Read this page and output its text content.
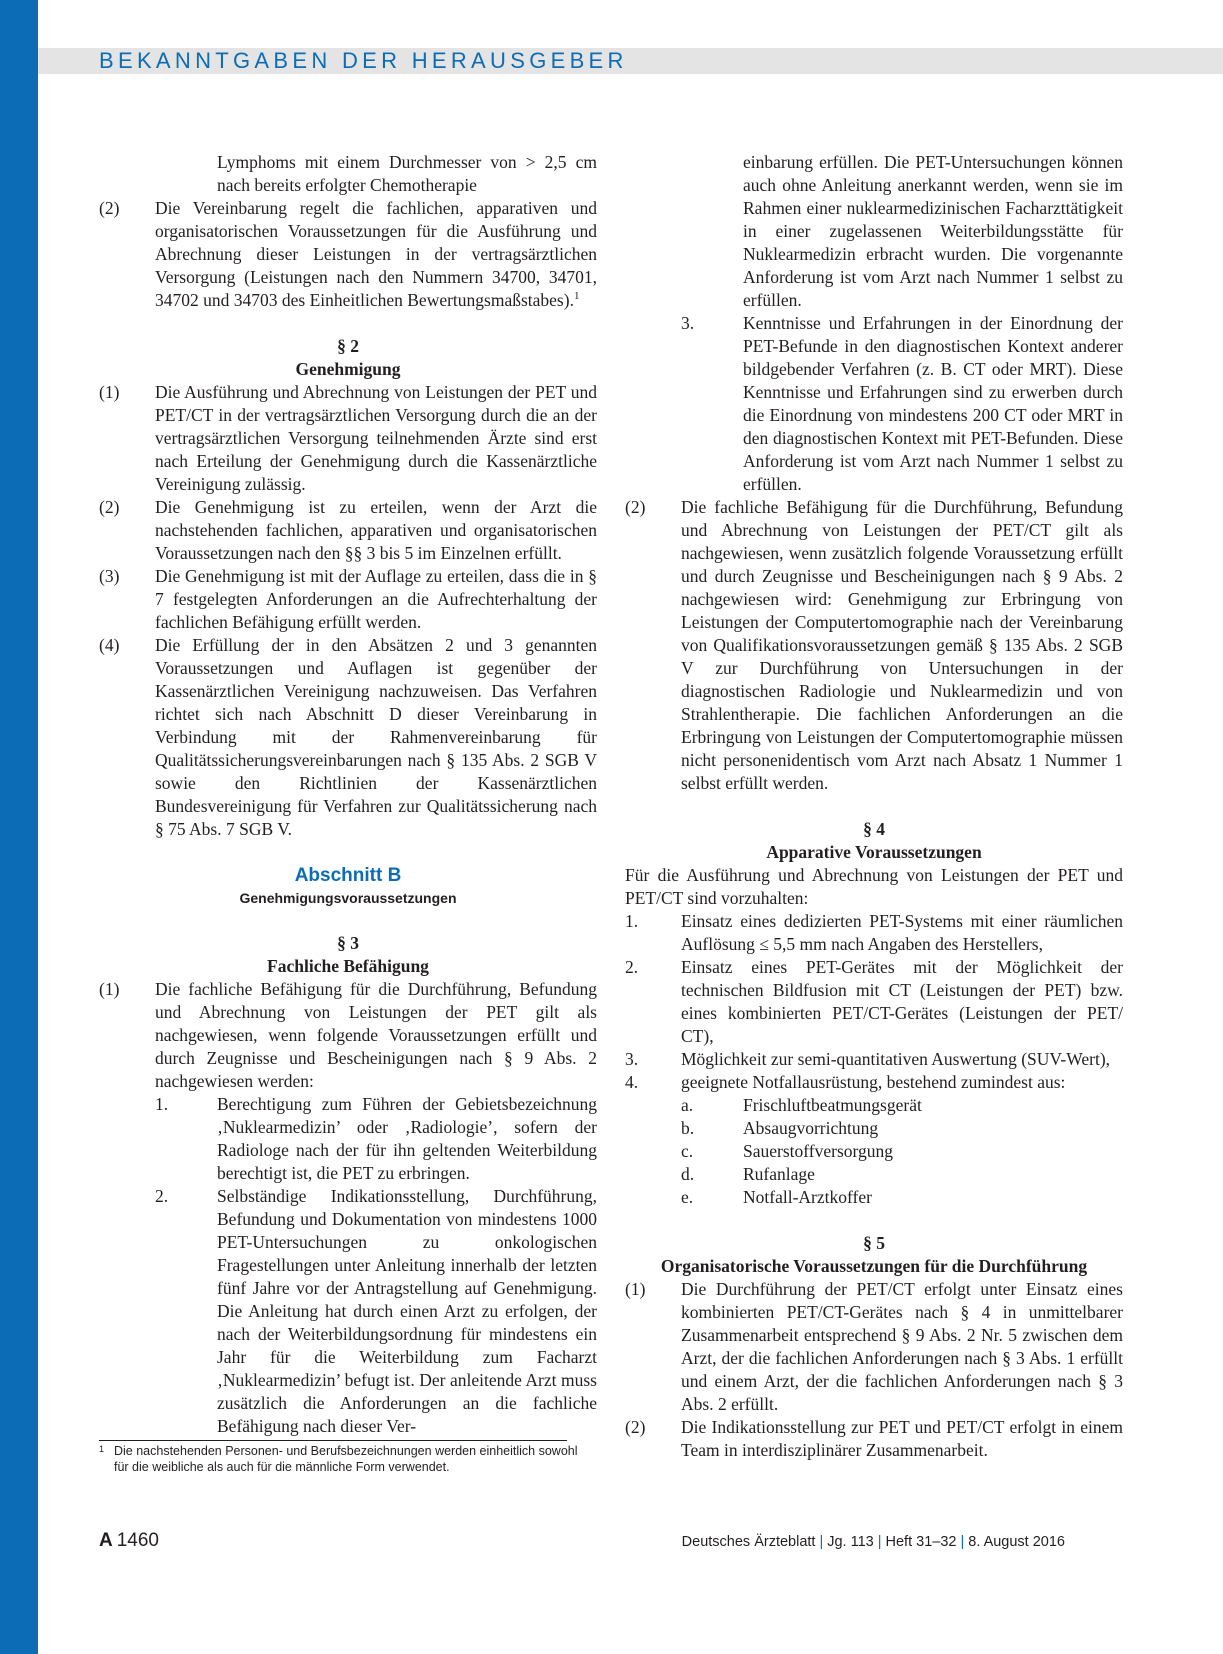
BEKANNTGABEN DER HERAUSGEBER
Lymphoms mit einem Durchmesser von > 2,5 cm nach bereits erfolgter Chemotherapie
(2)	Die Vereinbarung regelt die fachlichen, apparativen und organisatorischen Voraussetzungen für die Ausführung und Abrechnung dieser Leistungen in der vertragsärztlichen Versorgung (Leistungen nach den Nummern 34700, 34701, 34702 und 34703 des Einheitlichen Bewertungsmaßstabes).$^1$
§ 2
Genehmigung
(1)	Die Ausführung und Abrechnung von Leistungen der PET und PET/CT in der vertragsärztlichen Versorgung durch die an der vertragsärztlichen Versorgung teilnehmenden Ärzte sind erst nach Erteilung der Genehmigung durch die Kassenärztliche Vereinigung zulässig.
(2)	Die Genehmigung ist zu erteilen, wenn der Arzt die nachstehenden fachlichen, apparativen und organisatorischen Voraussetzungen nach den §§ 3 bis 5 im Einzelnen erfüllt.
(3)	Die Genehmigung ist mit der Auflage zu erteilen, dass die in § 7 festgelegten Anforderungen an die Aufrechterhaltung der fachlichen Befähigung erfüllt werden.
(4)	Die Erfüllung der in den Absätzen 2 und 3 genannten Voraussetzungen und Auflagen ist gegenüber der Kassenärztlichen Vereinigung nachzuweisen. Das Verfahren richtet sich nach Abschnitt D dieser Vereinbarung in Verbindung mit der Rahmenvereinbarung für Qualitätssicherungsvereinbarungen nach § 135 Abs. 2 SGB V sowie den Richtlinien der Kassenärztlichen Bundesvereinigung für Verfahren zur Qualitätssicherung nach § 75 Abs. 7 SGB V.
Abschnitt B
Genehmigungsvoraussetzungen
§ 3
Fachliche Befähigung
(1)	Die fachliche Befähigung für die Durchführung, Befundung und Abrechnung von Leistungen der PET gilt als nachgewiesen, wenn folgende Voraussetzungen erfüllt und durch Zeugnisse und Bescheinigungen nach § 9 Abs. 2 nachgewiesen werden:
1.	Berechtigung zum Führen der Gebietsbezeichnung ‚Nuklearmedizin’ oder ‚Radiologie’, sofern der Radiologe nach der für ihn geltenden Weiterbildung berechtigt ist, die PET zu erbringen.
2.	Selbständige Indikationsstellung, Durchführung, Befundung und Dokumentation von mindestens 1000 PET-Untersuchungen zu onkologischen Fragestellungen unter Anleitung innerhalb der letzten fünf Jahre vor der Antragstellung auf Genehmigung. Die Anleitung hat durch einen Arzt zu erfolgen, der nach der Weiterbildungsordnung für mindestens ein Jahr für die Weiterbildung zum Facharzt ‚Nuklearmedizin’ befugt ist. Der anleitende Arzt muss zusätzlich die Anforderungen an die fachliche Befähigung nach dieser Ver-
einbarung erfüllen. Die PET-Untersuchungen können auch ohne Anleitung anerkannt werden, wenn sie im Rahmen einer nuklearmedizinischen Facharzttätigkeit in einer zugelassenen Weiterbildungsstätte für Nuklearmedizin erbracht wurden. Die vorgenannte Anforderung ist vom Arzt nach Nummer 1 selbst zu erfüllen.
3.	Kenntnisse und Erfahrungen in der Einordnung der PET-Befunde in den diagnostischen Kontext anderer bildgebender Verfahren (z. B. CT oder MRT). Diese Kenntnisse und Erfahrungen sind zu erwerben durch die Einordnung von mindestens 200 CT oder MRT in den diagnostischen Kontext mit PET-Befunden. Diese Anforderung ist vom Arzt nach Nummer 1 selbst zu erfüllen.
(2)	Die fachliche Befähigung für die Durchführung, Befundung und Abrechnung von Leistungen der PET/CT gilt als nachgewiesen, wenn zusätzlich folgende Voraussetzung erfüllt und durch Zeugnisse und Bescheinigungen nach § 9 Abs. 2 nachgewiesen wird: Genehmigung zur Erbringung von Leistungen der Computertomographie nach der Vereinbarung von Qualifikationsvoraussetzungen gemäß § 135 Abs. 2 SGB V zur Durchführung von Untersuchungen in der diagnostischen Radiologie und Nuklearmedizin und von Strahlentherapie. Die fachlichen Anforderungen an die Erbringung von Leistungen der Computertomographie müssen nicht personenidentisch vom Arzt nach Absatz 1 Nummer 1 selbst erfüllt werden.
§ 4
Apparative Voraussetzungen
Für die Ausführung und Abrechnung von Leistungen der PET und PET/CT sind vorzuhalten:
1.	Einsatz eines dedizierten PET-Systems mit einer räumlichen Auflösung ≤ 5,5 mm nach Angaben des Herstellers,
2.	Einsatz eines PET-Gerätes mit der Möglichkeit der technischen Bildfusion mit CT (Leistungen der PET) bzw. eines kombinierten PET/CT-Gerätes (Leistungen der PET/ CT),
3.	Möglichkeit zur semi-quantitativen Auswertung (SUV-Wert),
4.	geeignete Notfallausrüstung, bestehend zumindest aus:
a.	Frischluftbeatmungsgerät
b.	Absaugvorrichtung
c.	Sauerstoffversorgung
d.	Rufanlage
e.	Notfall-Arztkoffer
§ 5
Organisatorische Voraussetzungen für die Durchführung
(1)	Die Durchführung der PET/CT erfolgt unter Einsatz eines kombinierten PET/CT-Gerätes nach § 4 in unmittelbarer Zusammenarbeit entsprechend § 9 Abs. 2 Nr. 5 zwischen dem Arzt, der die fachlichen Anforderungen nach § 3 Abs. 1 erfüllt und einem Arzt, der die fachlichen Anforderungen nach § 3 Abs. 2 erfüllt.
(2)	Die Indikationsstellung zur PET und PET/CT erfolgt in einem Team in interdisziplinärer Zusammenarbeit.
1 Die nachstehenden Personen- und Berufsbezeichnungen werden einheitlich sowohl für die weibliche als auch für die männliche Form verwendet.
A 1460	Deutsches Ärzteblatt | Jg. 113 | Heft 31–32 | 8. August 2016
